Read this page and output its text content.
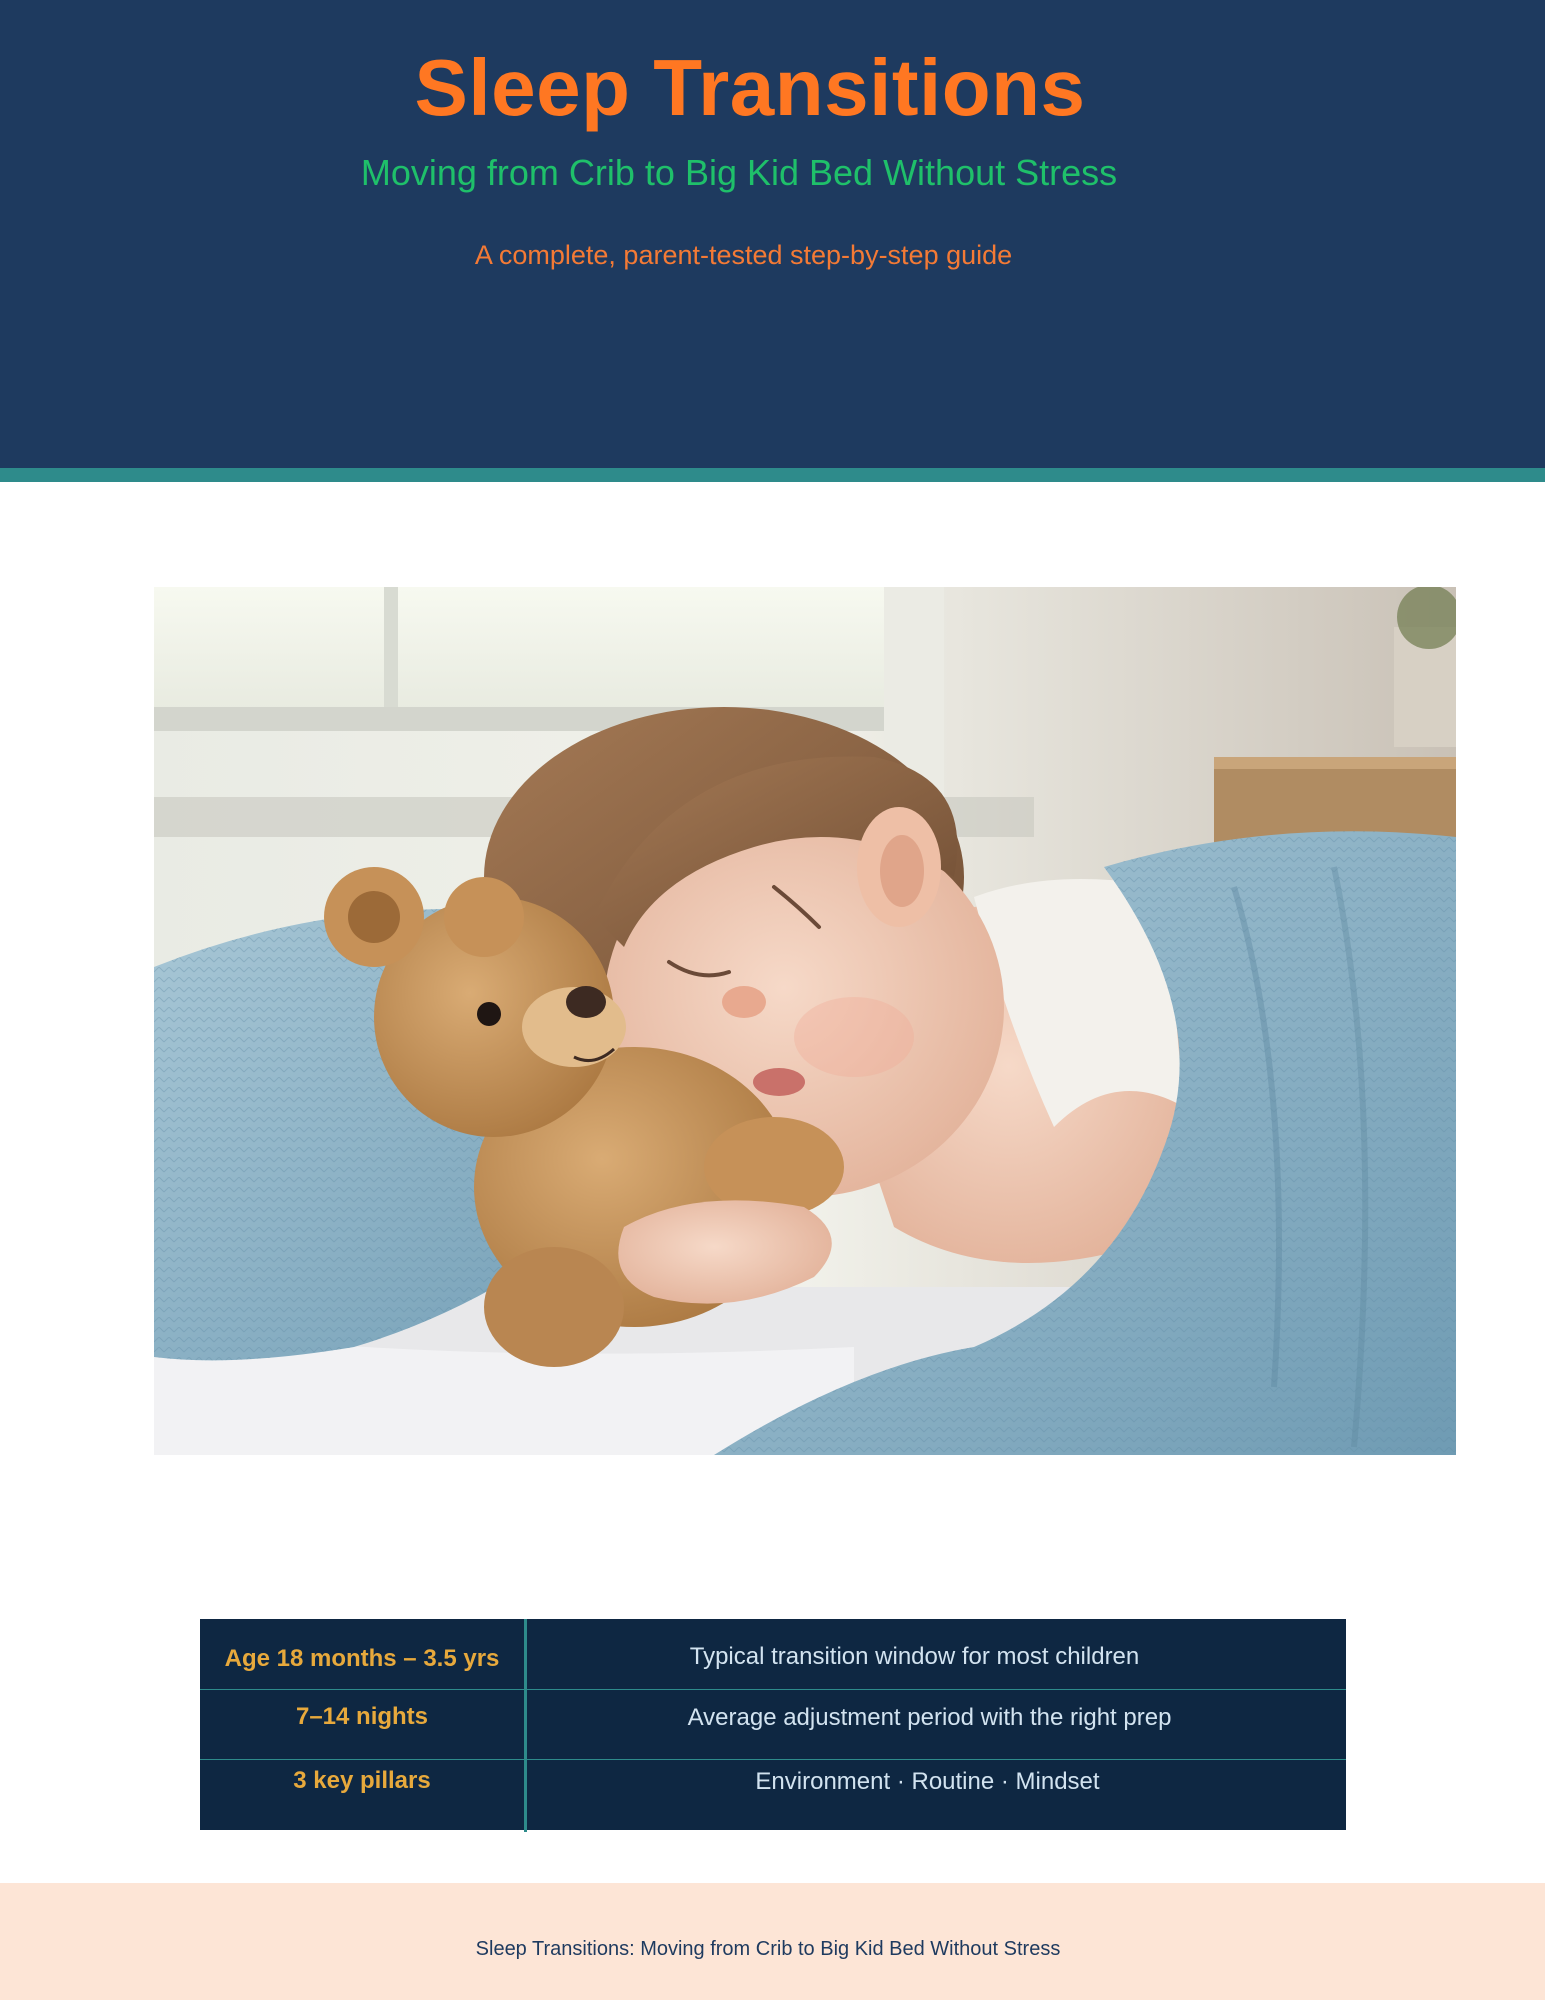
Sleep Transitions
Moving from Crib to Big Kid Bed Without Stress
A complete, parent-tested step-by-step guide
Age 18 months – 3.5 yrs	Typical transition window for most children
7–14 nights	Average adjustment period with the right prep
3 key pillars	Environment · Routine · Mindset
Sleep Transitions: Moving from Crib to Big Kid Bed Without Stress
